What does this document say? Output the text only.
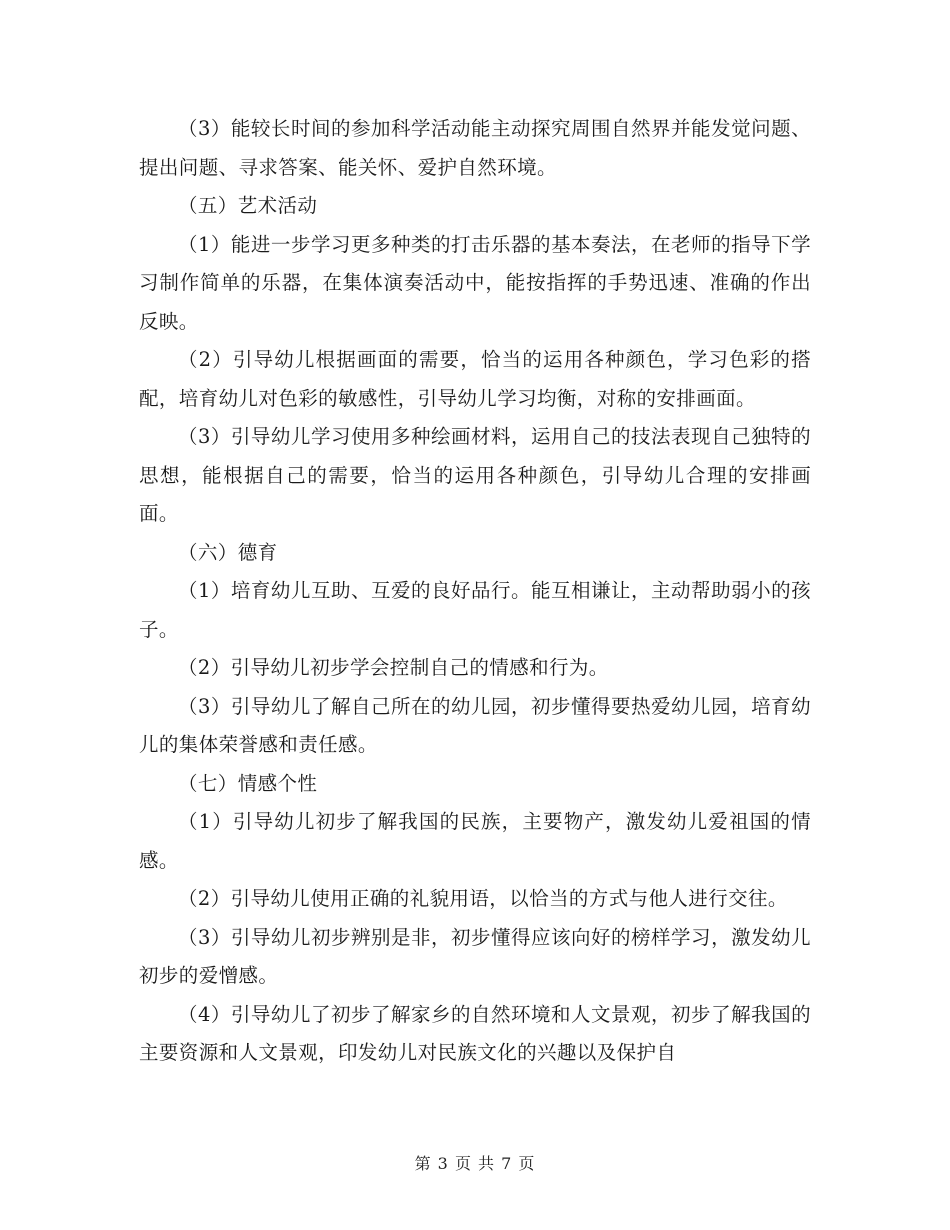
（3）能较长时间的参加科学活动能主动探究周围自然界并能发觉问题、提出问题、寻求答案、能关怀、爱护自然环境。

（五）艺术活动

（1）能进一步学习更多种类的打击乐器的基本奏法，在老师的指导下学习制作简单的乐器，在集体演奏活动中，能按指挥的手势迅速、准确的作出反映。

（2）引导幼儿根据画面的需要，恰当的运用各种颜色，学习色彩的搭配，培育幼儿对色彩的敏感性，引导幼儿学习均衡，对称的安排画面。

（3）引导幼儿学习使用多种绘画材料，运用自己的技法表现自己独特的思想，能根据自己的需要，恰当的运用各种颜色，引导幼儿合理的安排画面。

（六）德育

（1）培育幼儿互助、互爱的良好品行。能互相谦让，主动帮助弱小的孩子。

（2）引导幼儿初步学会控制自己的情感和行为。

（3）引导幼儿了解自己所在的幼儿园，初步懂得要热爱幼儿园，培育幼儿的集体荣誉感和责任感。

（七）情感个性

（1）引导幼儿初步了解我国的民族，主要物产，激发幼儿爱祖国的情感。

（2）引导幼儿使用正确的礼貌用语，以恰当的方式与他人进行交往。

（3）引导幼儿初步辨别是非，初步懂得应该向好的榜样学习，激发幼儿初步的爱憎感。

（4）引导幼儿了初步了解家乡的自然环境和人文景观，初步了解我国的主要资源和人文景观，印发幼儿对民族文化的兴趣以及保护自

第 3 页 共 7 页
